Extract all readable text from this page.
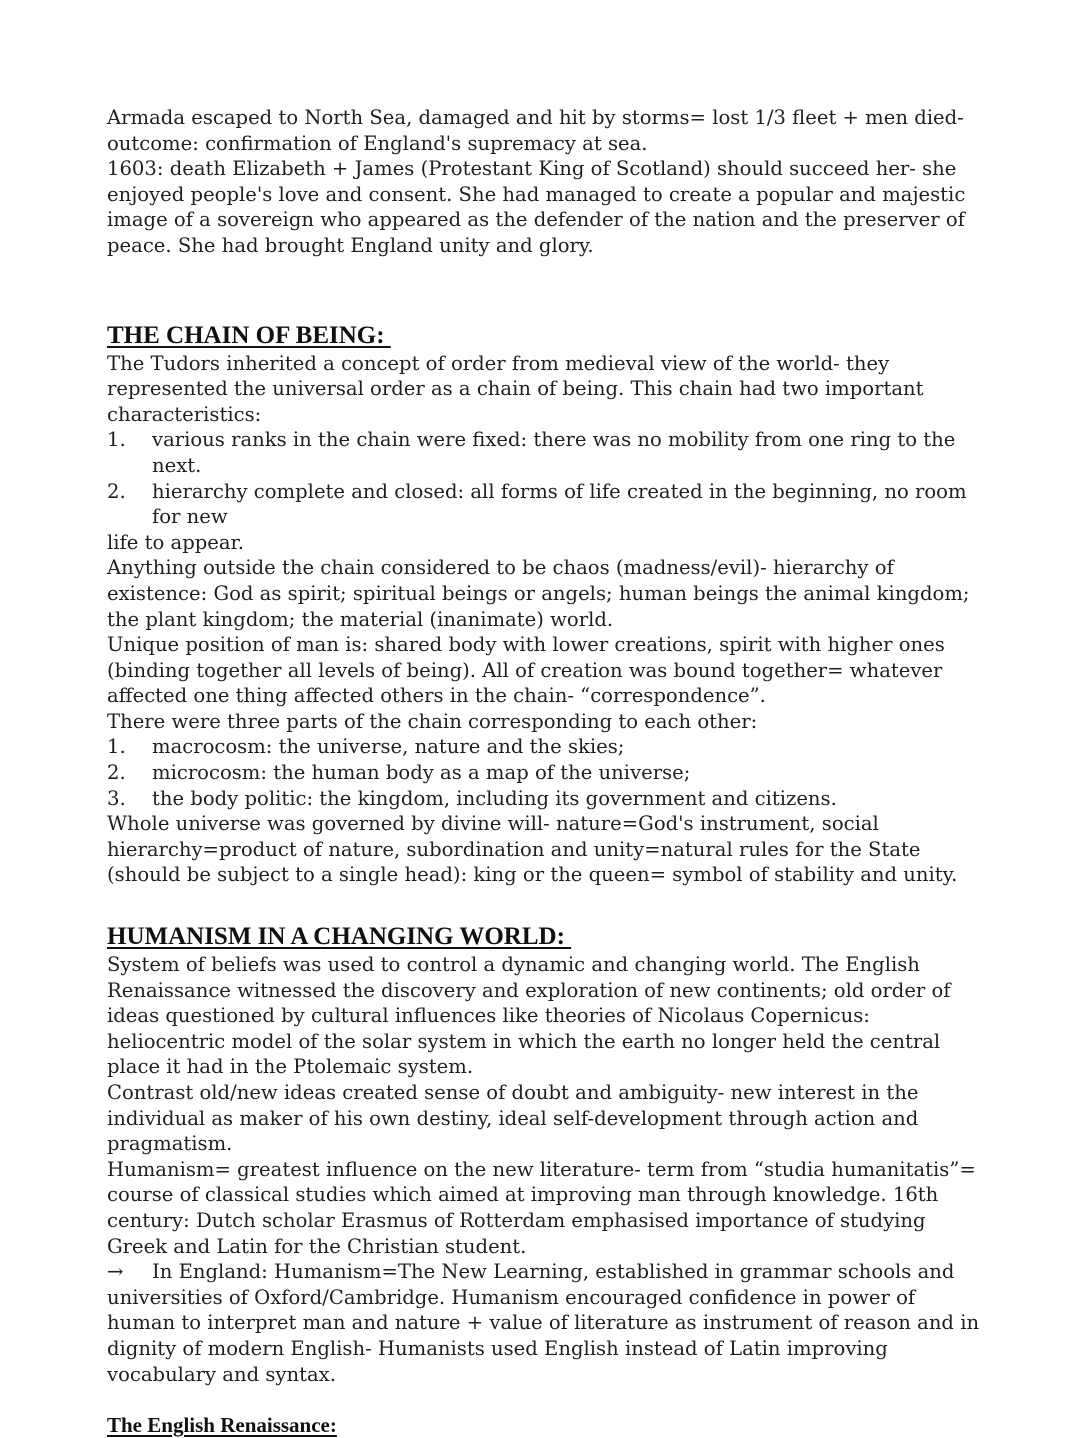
Armada escaped to North Sea, damaged and hit by storms= lost 1/3 fleet + men died- outcome: confirmation of England's supremacy at sea.

1603: death Elizabeth + James (Protestant King of Scotland) should succeed her- she enjoyed people's love and consent. She had managed to create a popular and majestic image of a sovereign who appeared as the defender of the nation and the preserver of peace. She had brought England unity and glory.

THE CHAIN OF BEING:

The Tudors inherited a concept of order from medieval view of the world- they represented the universal order as a chain of being. This chain had two important characteristics:

1.	various ranks in the chain were fixed: there was no mobility from one ring to the next.
2.	hierarchy complete and closed: all forms of life created in the beginning, no room for new

life to appear.

Anything outside the chain considered to be chaos (madness/evil)- hierarchy of existence: God as spirit; spiritual beings or angels; human beings the animal kingdom; the plant kingdom; the material (inanimate) world.

Unique position of man is: shared body with lower creations, spirit with higher ones (binding together all levels of being). All of creation was bound together= whatever affected one thing affected others in the chain- “correspondence”.

There were three parts of the chain corresponding to each other:

1.	macrocosm: the universe, nature and the skies;
2.	microcosm: the human body as a map of the universe;
3.	the body politic: the kingdom, including its government and citizens.

Whole universe was governed by divine will- nature=God's instrument, social hierarchy=product of nature, subordination and unity=natural rules for the State (should be subject to a single head): king or the queen= symbol of stability and unity.

HUMANISM IN A CHANGING WORLD:

System of beliefs was used to control a dynamic and changing world. The English Renaissance witnessed the discovery and exploration of new continents; old order of ideas questioned by cultural influences like theories of Nicolaus Copernicus: heliocentric model of the solar system in which the earth no longer held the central place it had in the Ptolemaic system.

Contrast old/new ideas created sense of doubt and ambiguity- new interest in the individual as maker of his own destiny, ideal self-development through action and pragmatism.

Humanism= greatest influence on the new literature- term from “studia humanitatis”= course of classical studies which aimed at improving man through knowledge. 16th century: Dutch scholar Erasmus of Rotterdam emphasised importance of studying Greek and Latin for the Christian student.

→	In England: Humanism=The New Learning, established in grammar schools and

universities of Oxford/Cambridge. Humanism encouraged confidence in power of human to interpret man and nature + value of literature as instrument of reason and in dignity of modern English- Humanists used English instead of Latin improving vocabulary and syntax.

The English Renaissance:
